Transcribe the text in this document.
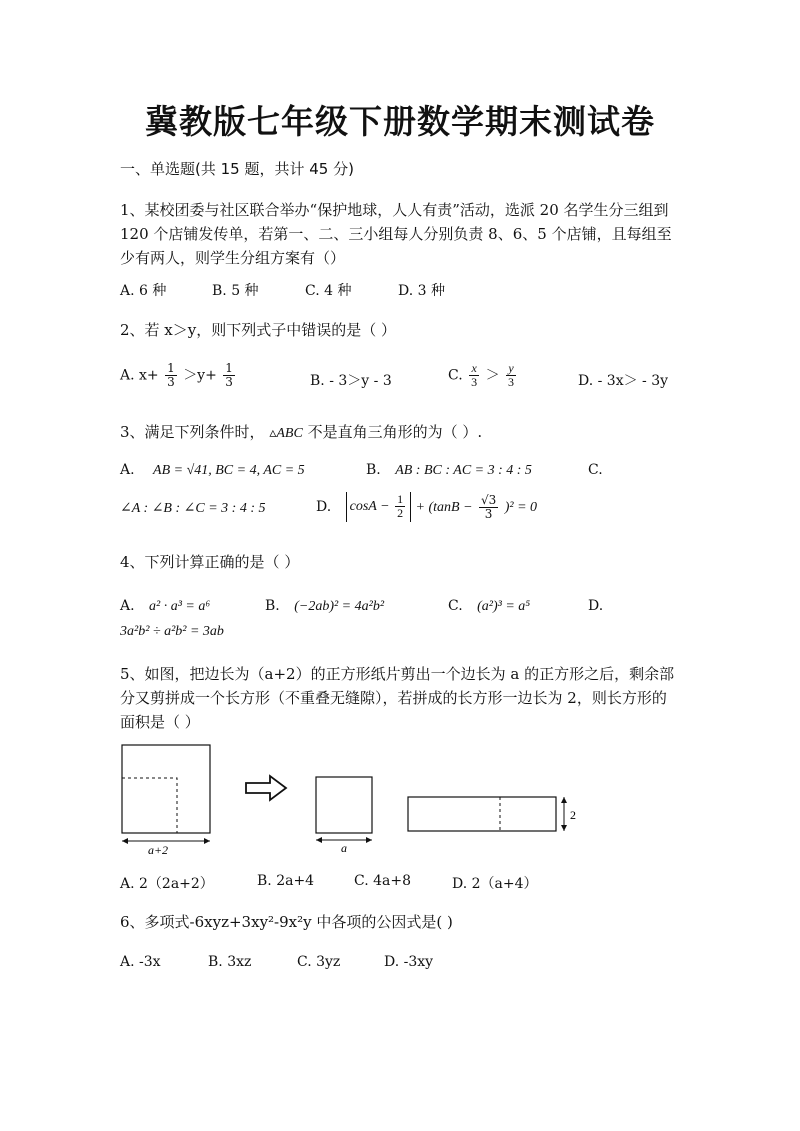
冀教版七年级下册数学期末测试卷
一、单选题(共 15 题，共计 45 分)
1、某校团委与社区联合举办“保护地球，人人有责”活动，选派 20 名学生分三组到 120 个店铺发传单，若第一、二、三小组每人分别负责 8、6、5 个店铺，且每组至少有两人，则学生分组方案有（）
A. 6 种	B. 5 种	C. 4 种	D. 3 种
2、若 x＞y，则下列式子中错误的是（ ）
A. $x+ \frac{1}{3} >y+ \frac{1}{3}$	B. - 3＞y - 3	C. $\frac{x}{3} > \frac{y}{3}$	D. - 3x＞ - 3y
3、满足下列条件时， ▵ABC 不是直角三角形的为（ ）.
A. AB = √41, BC = 4, AC = 5	B. AB : BC : AC = 3 : 4 : 5	C.
∠A : ∠B : ∠C = 3 : 4 : 5	D. $\cos A - \frac{1}{2} + (\tan B - \frac{√3}{3} )^2 = 0$
4、下列计算正确的是（ ）
A. a² · a³ = a⁶	B. (−2ab)² = 4a²b²	C. (a²)³ = a⁵	D.
3a²b² ÷ a²b² = 3ab
5、如图，把边长为（a+2）的正方形纸片剪出一个边长为 a 的正方形之后，剩余部分又剪拼成一个长方形（不重叠无缝隙），若拼成的长方形一边长为 2，则长方形的面积是（ ）
a+2	a
2
A. 2（2a+2）	B. 2a+4	C. 4a+8	D. 2（a+4）
6、多项式-6xyz+3xy²-9x²y 中各项的公因式是( )
A. -3x	B. 3xz	C. 3yz	D. -3xy
